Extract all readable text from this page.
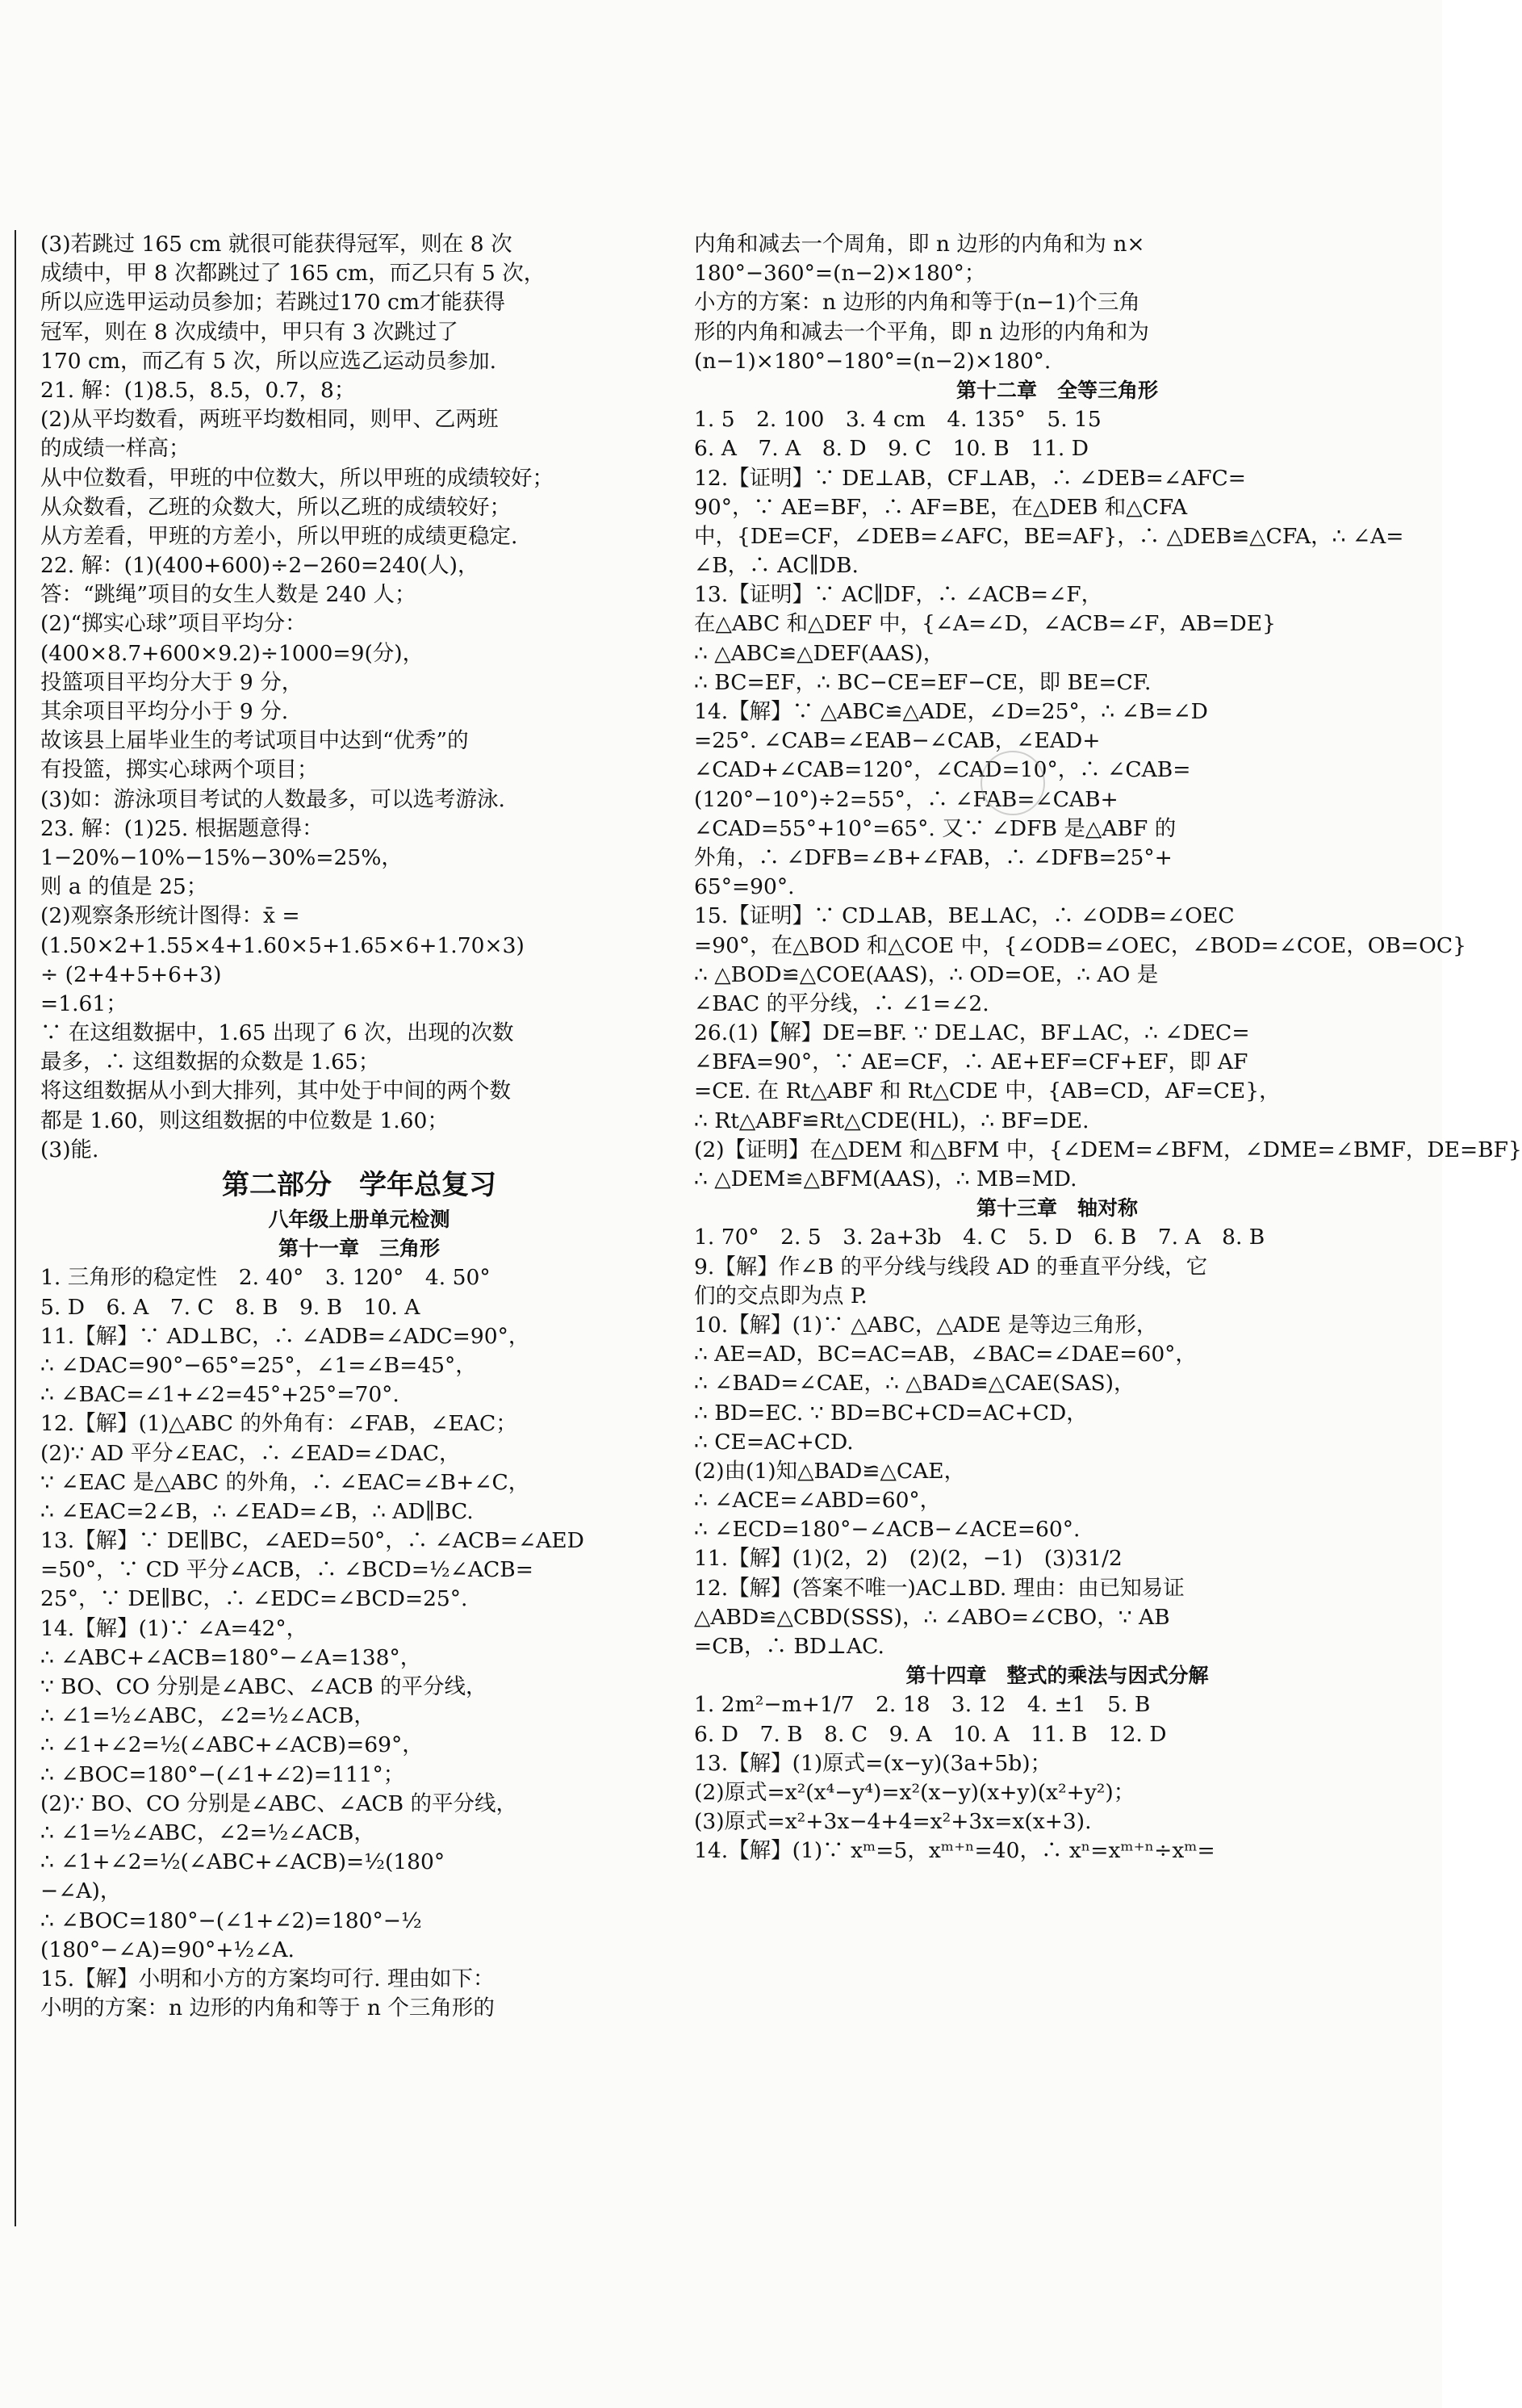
(3)若跳过 165 cm 就很可能获得冠军，则在 8 次
成绩中，甲 8 次都跳过了 165 cm，而乙只有 5 次，
所以应选甲运动员参加；若跳过170 cm才能获得
冠军，则在 8 次成绩中，甲只有 3 次跳过了
170 cm，而乙有 5 次，所以应选乙运动员参加.
21. 解：(1)8.5，8.5，0.7，8；
(2)从平均数看，两班平均数相同，则甲、乙两班
的成绩一样高；
从中位数看，甲班的中位数大，所以甲班的成绩较好；
从众数看，乙班的众数大，所以乙班的成绩较好；
从方差看，甲班的方差小，所以甲班的成绩更稳定.
22. 解：(1)(400+600)÷2−260=240(人)，
答：“跳绳”项目的女生人数是 240 人；
(2)“掷实心球”项目平均分：
(400×8.7+600×9.2)÷1000=9(分)，
投篮项目平均分大于 9 分，
其余项目平均分小于 9 分.
故该县上届毕业生的考试项目中达到“优秀”的
有投篮，掷实心球两个项目；
(3)如：游泳项目考试的人数最多，可以选考游泳.
23. 解：(1)25. 根据题意得：
1−20%−10%−15%−30%=25%，
则 a 的值是 25；
(2)观察条形统计图得：x̄ =
(1.50×2+1.55×4+1.60×5+1.65×6+1.70×3)
÷ (2+4+5+6+3)
=1.61；
∵ 在这组数据中，1.65 出现了 6 次，出现的次数
最多，∴ 这组数据的众数是 1.65；
将这组数据从小到大排列，其中处于中间的两个数
都是 1.60，则这组数据的中位数是 1.60；
(3)能.
第二部分　学年总复习
八年级上册单元检测
第十一章　三角形
1. 三角形的稳定性　2. 40°　3. 120°　4. 50°
5. D　6. A　7. C　8. B　9. B　10. A
11.【解】∵ AD⊥BC，∴ ∠ADB=∠ADC=90°，
∴ ∠DAC=90°−65°=25°，∠1=∠B=45°，
∴ ∠BAC=∠1+∠2=45°+25°=70°.
12.【解】(1)△ABC 的外角有：∠FAB，∠EAC；
(2)∵ AD 平分∠EAC，∴ ∠EAD=∠DAC，
∵ ∠EAC 是△ABC 的外角，∴ ∠EAC=∠B+∠C，
∴ ∠EAC=2∠B，∴ ∠EAD=∠B，∴ AD∥BC.
13.【解】∵ DE∥BC，∠AED=50°，∴ ∠ACB=∠AED
=50°，∵ CD 平分∠ACB，∴ ∠BCD=½∠ACB=
25°，∵ DE∥BC，∴ ∠EDC=∠BCD=25°.
14.【解】(1)∵ ∠A=42°，
∴ ∠ABC+∠ACB=180°−∠A=138°，
∵ BO、CO 分别是∠ABC、∠ACB 的平分线，
∴ ∠1=½∠ABC，∠2=½∠ACB，
∴ ∠1+∠2=½(∠ABC+∠ACB)=69°，
∴ ∠BOC=180°−(∠1+∠2)=111°；
(2)∵ BO、CO 分别是∠ABC、∠ACB 的平分线，
∴ ∠1=½∠ABC，∠2=½∠ACB，
∴ ∠1+∠2=½(∠ABC+∠ACB)=½(180°
−∠A)，
∴ ∠BOC=180°−(∠1+∠2)=180°−½
(180°−∠A)=90°+½∠A.
15.【解】小明和小方的方案均可行. 理由如下：
小明的方案：n 边形的内角和等于 n 个三角形的
内角和减去一个周角，即 n 边形的内角和为 n×
180°−360°=(n−2)×180°；
小方的方案：n 边形的内角和等于(n−1)个三角
形的内角和减去一个平角，即 n 边形的内角和为
(n−1)×180°−180°=(n−2)×180°.
第十二章　全等三角形
1. 5　2. 100　3. 4 cm　4. 135°　5. 15
6. A　7. A　8. D　9. C　10. B　11. D
12.【证明】∵ DE⊥AB，CF⊥AB，∴ ∠DEB=∠AFC=
90°，∵ AE=BF，∴ AF=BE，在△DEB 和△CFA
中，{DE=CF，∠DEB=∠AFC，BE=AF}，∴ △DEB≌△CFA，∴ ∠A=
∠B，∴ AC∥DB.
13.【证明】∵ AC∥DF，∴ ∠ACB=∠F，
在△ABC 和△DEF 中，{∠A=∠D，∠ACB=∠F，AB=DE}
∴ △ABC≌△DEF(AAS)，
∴ BC=EF，∴ BC−CE=EF−CE，即 BE=CF.
14.【解】∵ △ABC≌△ADE，∠D=25°，∴ ∠B=∠D
=25°. ∠CAB=∠EAB−∠CAB，∠EAD+
∠CAD+∠CAB=120°，∠CAD=10°，∴ ∠CAB=
(120°−10°)÷2=55°，∴ ∠FAB=∠CAB+
∠CAD=55°+10°=65°. 又∵ ∠DFB 是△ABF 的
外角，∴ ∠DFB=∠B+∠FAB，∴ ∠DFB=25°+
65°=90°.
15.【证明】∵ CD⊥AB，BE⊥AC，∴ ∠ODB=∠OEC
=90°，在△BOD 和△COE 中，{∠ODB=∠OEC，∠BOD=∠COE，OB=OC}
∴ △BOD≌△COE(AAS)，∴ OD=OE，∴ AO 是
∠BAC 的平分线，∴ ∠1=∠2.
26.(1)【解】DE=BF. ∵ DE⊥AC，BF⊥AC，∴ ∠DEC=
∠BFA=90°，∵ AE=CF，∴ AE+EF=CF+EF，即 AF
=CE. 在 Rt△ABF 和 Rt△CDE 中，{AB=CD，AF=CE}，
∴ Rt△ABF≌Rt△CDE(HL)，∴ BF=DE.
(2)【证明】在△DEM 和△BFM 中，{∠DEM=∠BFM，∠DME=∠BMF，DE=BF}
∴ △DEM≌△BFM(AAS)，∴ MB=MD.
第十三章　轴对称
1. 70°　2. 5　3. 2a+3b　4. C　5. D　6. B　7. A　8. B
9.【解】作∠B 的平分线与线段 AD 的垂直平分线，它
们的交点即为点 P.
10.【解】(1)∵ △ABC，△ADE 是等边三角形，
∴ AE=AD，BC=AC=AB，∠BAC=∠DAE=60°，
∴ ∠BAD=∠CAE，∴ △BAD≌△CAE(SAS)，
∴ BD=EC. ∵ BD=BC+CD=AC+CD，
∴ CE=AC+CD.
(2)由(1)知△BAD≌△CAE，
∴ ∠ACE=∠ABD=60°，
∴ ∠ECD=180°−∠ACB−∠ACE=60°.
11.【解】(1)(2，2)　(2)(2，−1)　(3)31/2
12.【解】(答案不唯一)AC⊥BD. 理由：由已知易证
△ABD≌△CBD(SSS)，∴ ∠ABO=∠CBO，∵ AB
=CB，∴ BD⊥AC.
第十四章　整式的乘法与因式分解
1. 2m²−m+1/7　2. 18　3. 12　4. ±1　5. B
6. D　7. B　8. C　9. A　10. A　11. B　12. D
13.【解】(1)原式=(x−y)(3a+5b)；
(2)原式=x²(x⁴−y⁴)=x²(x−y)(x+y)(x²+y²)；
(3)原式=x²+3x−4+4=x²+3x=x(x+3).
14.【解】(1)∵ xᵐ=5，xᵐ⁺ⁿ=40，∴ xⁿ=xᵐ⁺ⁿ÷xᵐ=
